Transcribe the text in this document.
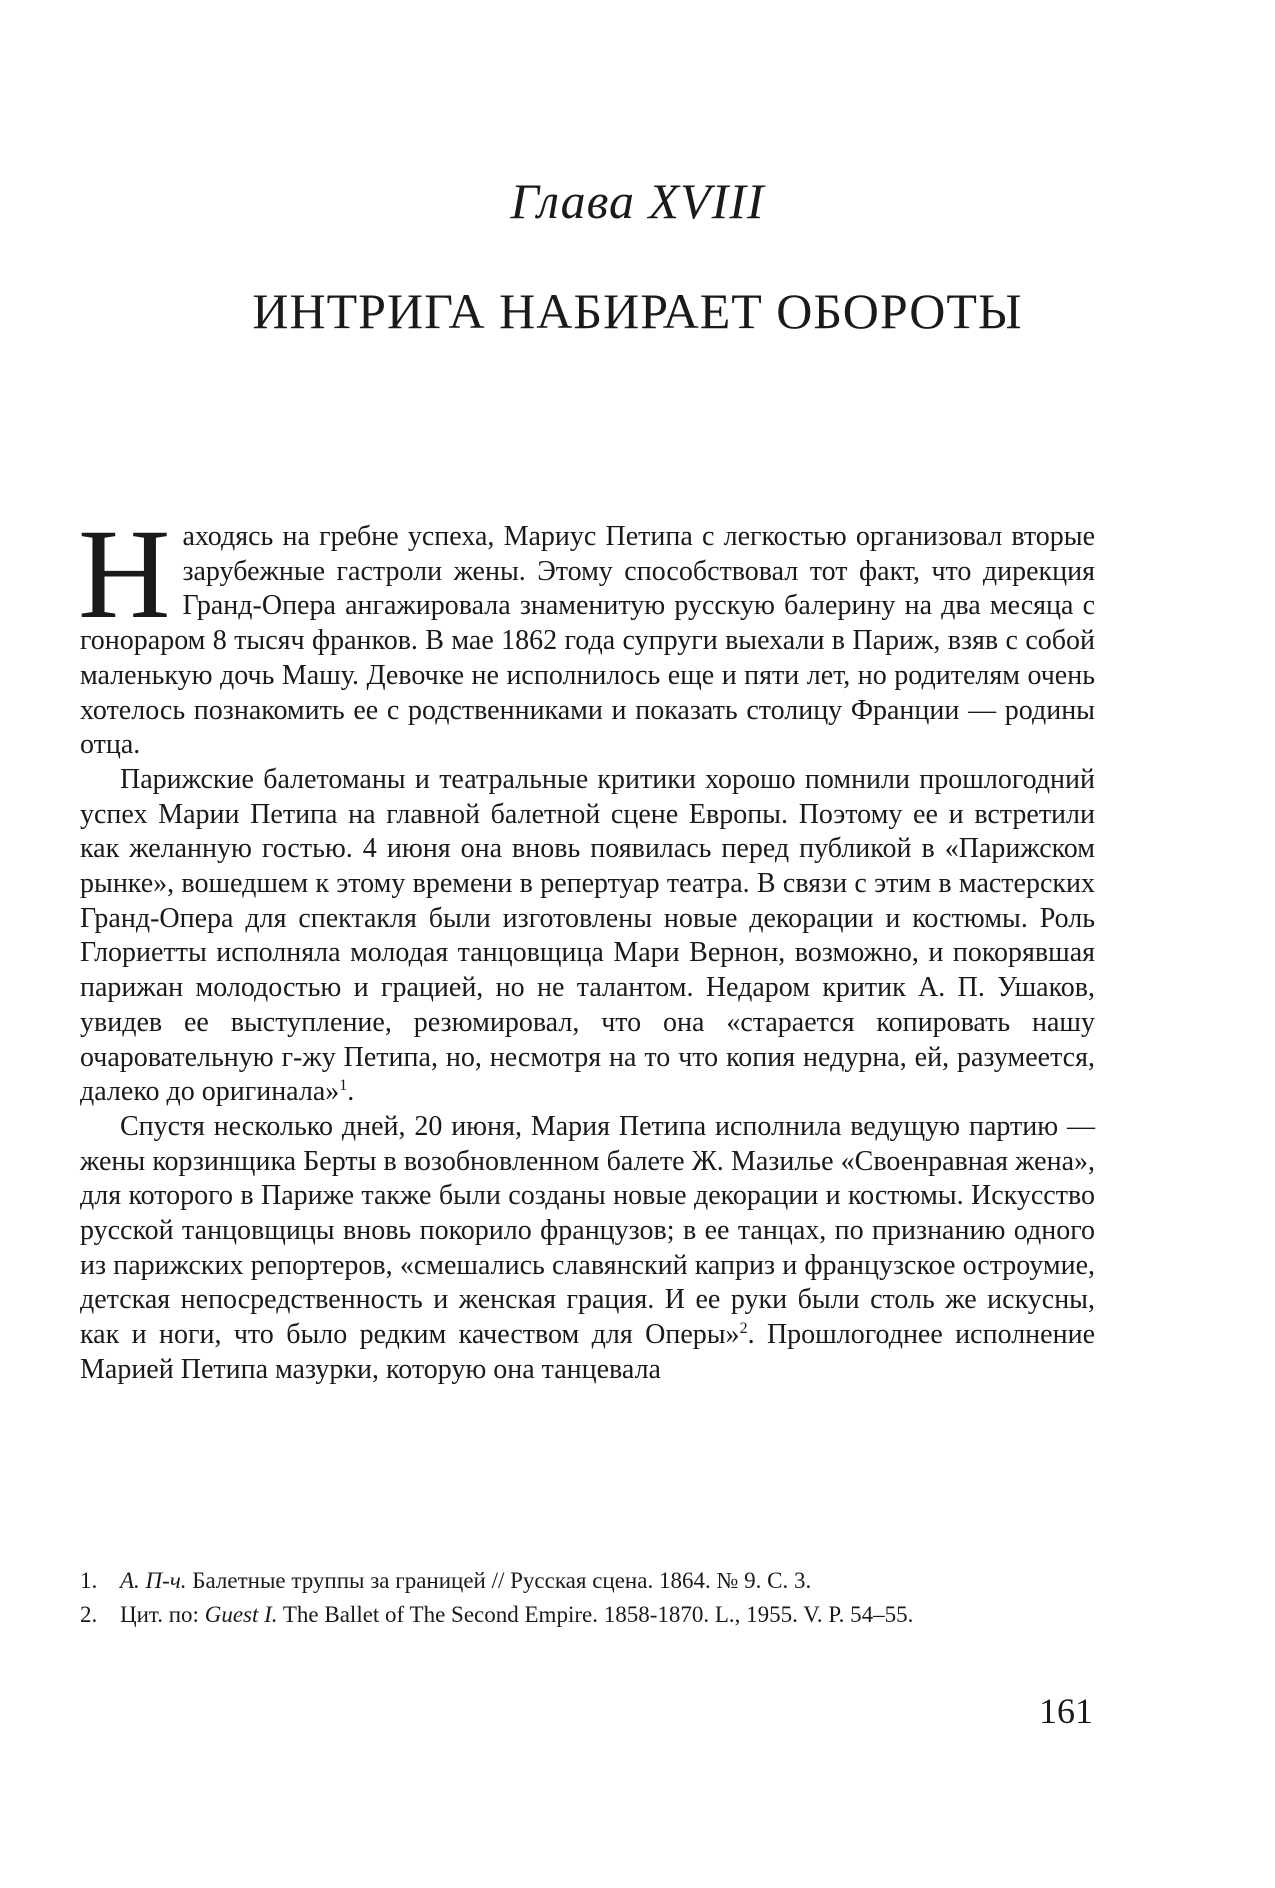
Глава XVIII
ИНТРИГА НАБИРАЕТ ОБОРОТЫ

Находясь на гребне успеха, Мариус Петипа с легкостью организовал вторые зарубежные гастроли жены. Этому способствовал тот факт, что дирекция Гранд-Опера ангажировала знаменитую русскую балерину на два месяца с гонораром 8 тысяч франков. В мае 1862 года супруги выехали в Париж, взяв с собой маленькую дочь Машу. Девочке не исполнилось еще и пяти лет, но родителям очень хотелось познакомить ее с родственниками и показать столицу Франции — родины отца.

Парижские балетоманы и театральные критики хорошо помнили прошлогодний успех Марии Петипа на главной балетной сцене Европы. Поэтому ее и встретили как желанную гостью. 4 июня она вновь появилась перед публикой в «Парижском рынке», вошедшем к этому времени в репертуар театра. В связи с этим в мастерских Гранд-Опера для спектакля были изготовлены новые декорации и костюмы. Роль Глориетты исполняла молодая танцовщица Мари Вернон, возможно, и покорявшая парижан молодостью и грацией, но не талантом. Недаром критик А. П. Ушаков, увидев ее выступление, резюмировал, что она «старается копировать нашу очаровательную г-жу Петипа, но, несмотря на то что копия недурна, ей, разумеется, далеко до оригинала»$^1$.

Спустя несколько дней, 20 июня, Мария Петипа исполнила ведущую партию — жены корзинщика Берты в возобновленном балете Ж. Мазилье «Своенравная жена», для которого в Париже также были созданы новые декорации и костюмы. Искусство русской танцовщицы вновь покорило французов; в ее танцах, по признанию одного из парижских репортеров, «смешались славянский каприз и французское остроумие, детская непосредственность и женская грация. И ее руки были столь же искусны, как и ноги, что было редким качеством для Оперы»$^2$. Прошлогоднее исполнение Марией Петипа мазурки, которую она танцевала

1. А. П-ч. Балетные труппы за границей // Русская сцена. 1864. № 9. С. 3.
2. Цит. по: Guest I. The Ballet of The Second Empire. 1858-1870. L., 1955. V. P. 54–55.
161
